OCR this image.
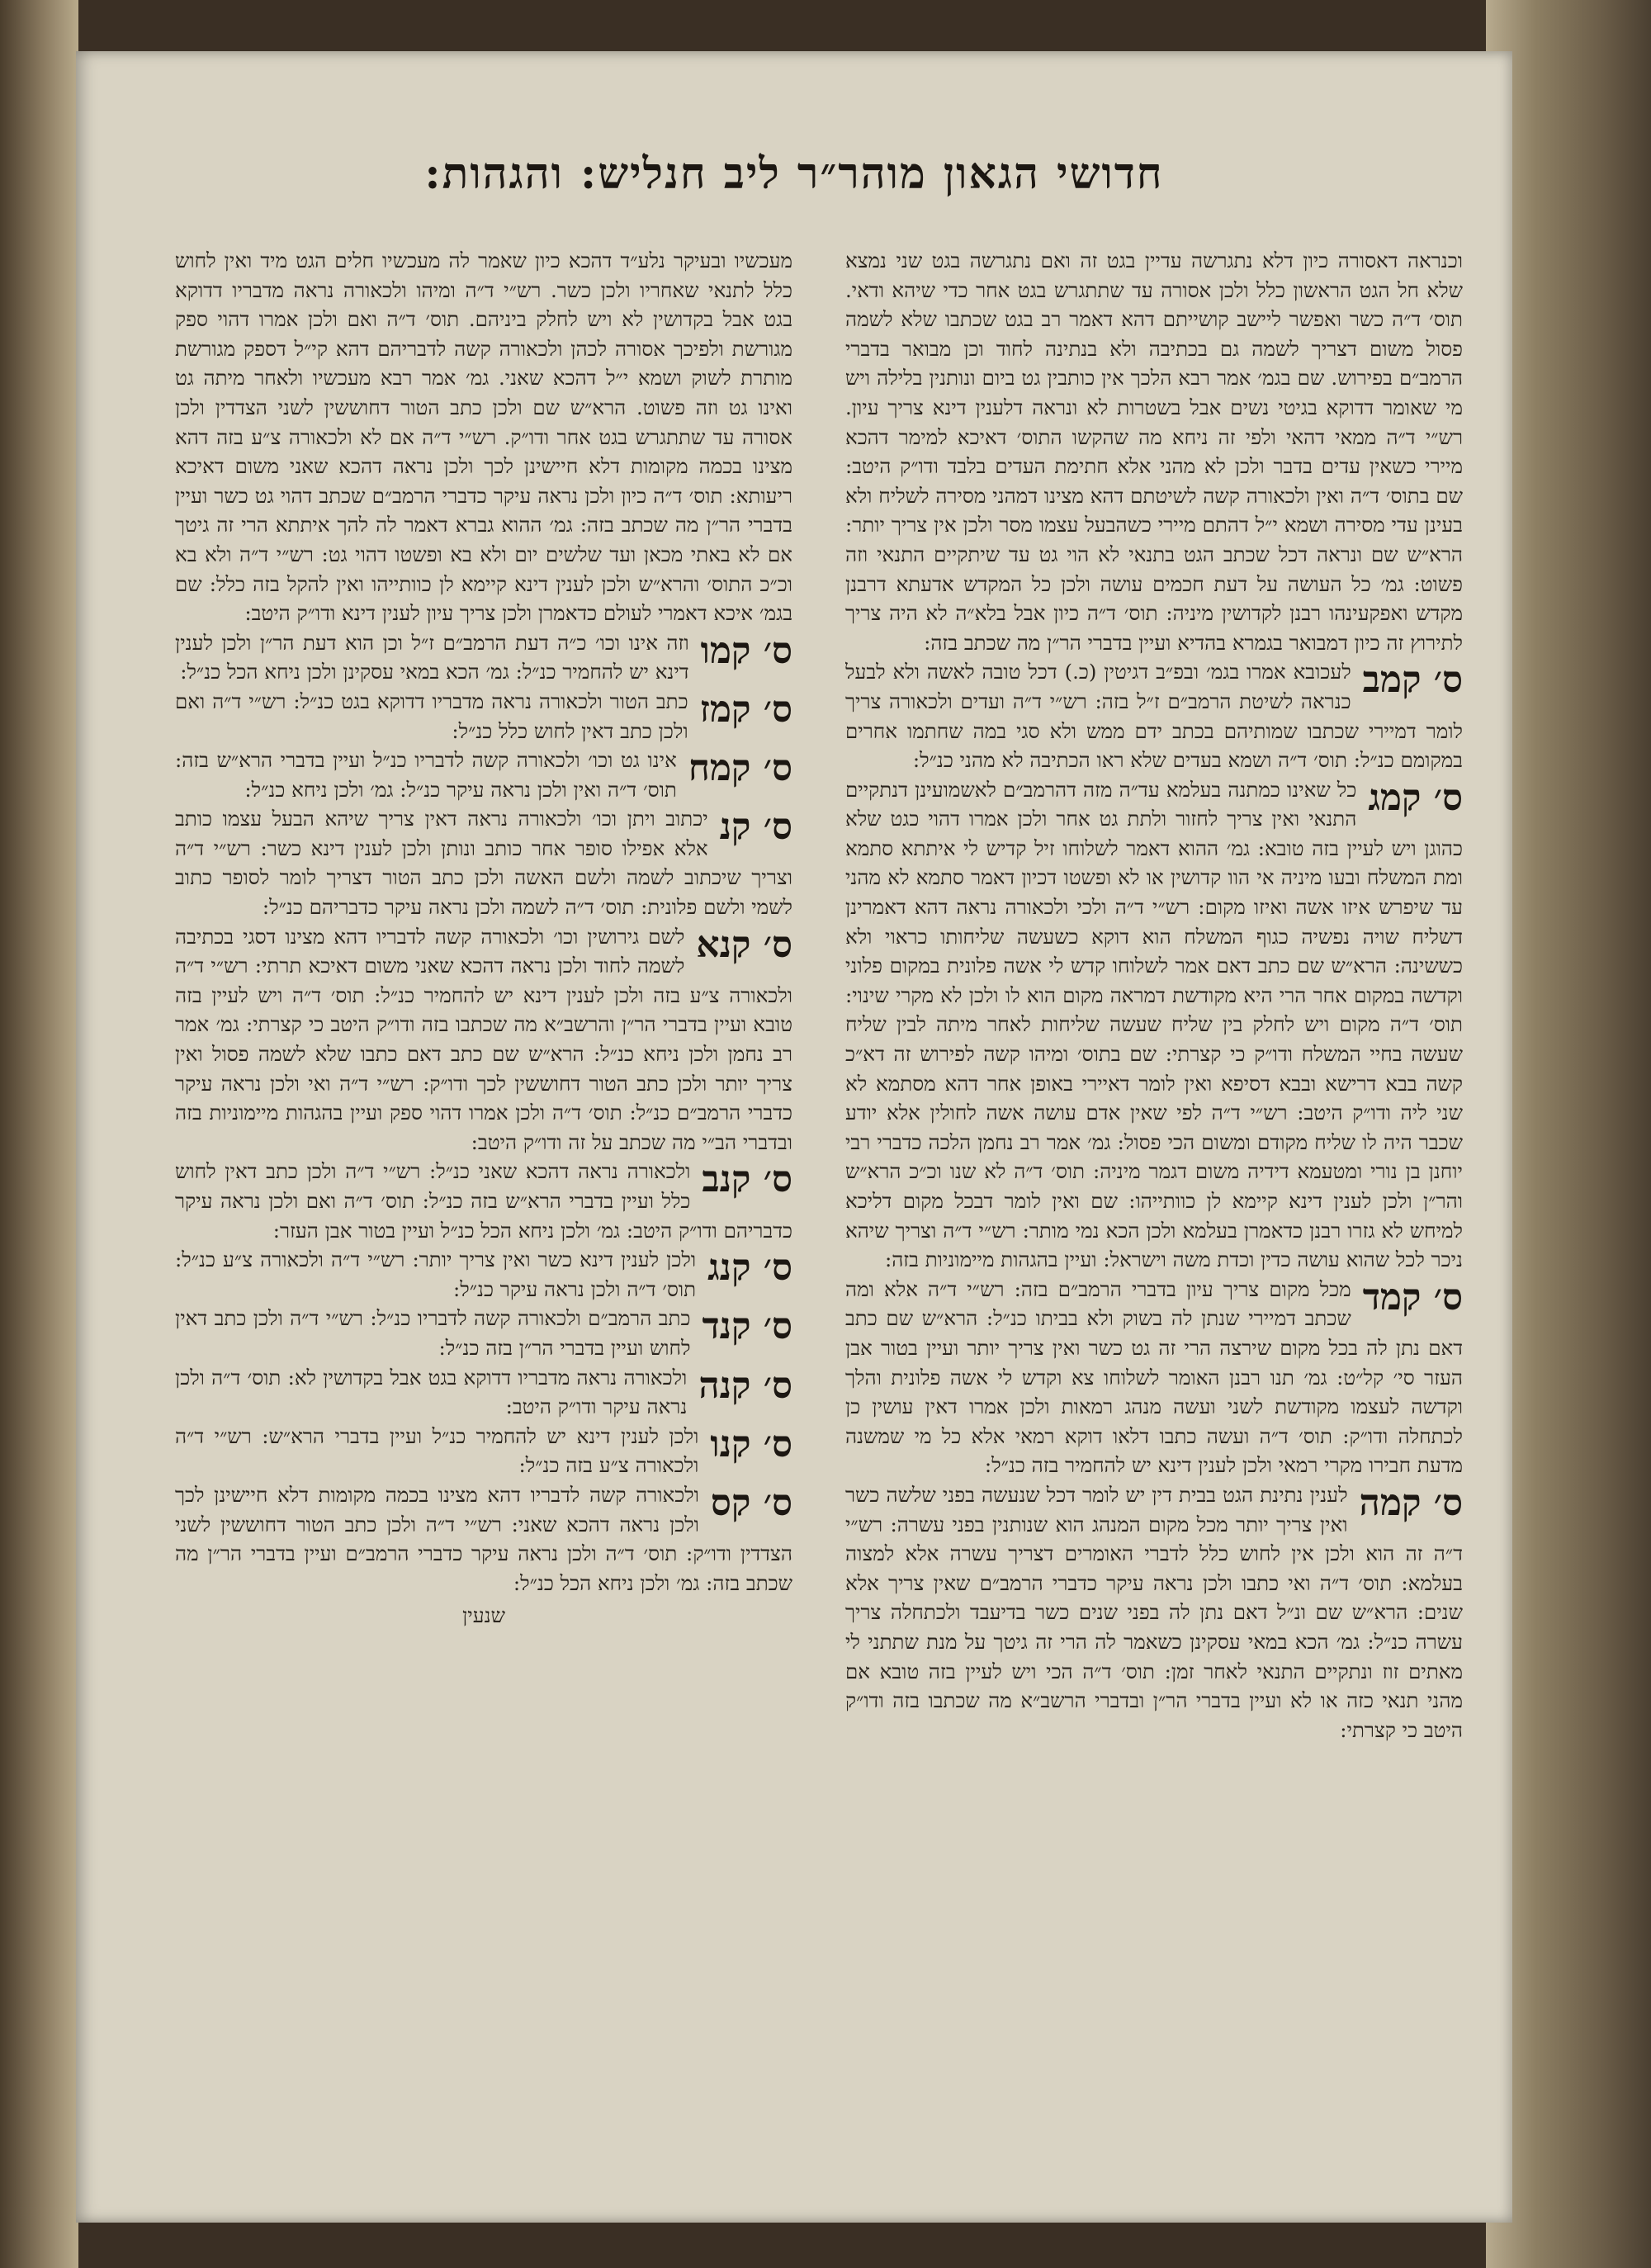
חדושי הגאון מוהר״ר ליב חנליש: והגהות:
וכנראה דאסורה כיון דלא נתגרשה עדיין בגט זה ואם נתגרשה בגט שני נמצא שלא חל הגט הראשון כלל ולכן אסורה עד שתתגרש בגט אחר כדי שיהא ודאי. תוס׳ ד״ה כשר ואפשר ליישב קושייתם דהא דאמר רב בגט שכתבו שלא לשמה פסול משום דצריך לשמה גם בכתיבה ולא בנתינה לחוד וכן מבואר בדברי הרמב״ם בפירוש. שם בגמ׳ אמר רבא הלכך אין כותבין גט ביום ונותנין בלילה ויש מי שאומר דדוקא בגיטי נשים אבל בשטרות לא ונראה דלענין דינא צריך עיון. רש״י ד״ה ממאי דהאי ולפי זה ניחא מה שהקשו התוס׳ דאיכא למימר דהכא מיירי כשאין עדים בדבר ולכן לא מהני אלא חתימת העדים בלבד ודו״ק היטב: שם בתוס׳ ד״ה ואין ולכאורה קשה לשיטתם דהא מצינו דמהני מסירה לשליח ולא בעינן עדי מסירה ושמא י״ל דהתם מיירי כשהבעל עצמו מסר ולכן אין צריך יותר: הרא״ש שם ונראה דכל שכתב הגט בתנאי לא הוי גט עד שיתקיים התנאי וזה פשוט: גמ׳ כל העושה על דעת חכמים עושה ולכן כל המקדש אדעתא דרבנן מקדש ואפקעינהו רבנן לקדושין מיניה: תוס׳ ד״ה כיון אבל בלא״ה לא היה צריך לתירוץ זה כיון דמבואר בגמרא בהדיא ועיין בדברי הר״ן מה שכתב בזה:
ס׳ קמב
לעכובא אמרו בגמ׳ ובפ״ב דגיטין (כ.) דכל טובה לאשה ולא לבעל כנראה לשיטת הרמב״ם ז״ל בזה: רש״י ד״ה ועדים ולכאורה צריך לומר דמיירי שכתבו שמותיהם בכתב ידם ממש ולא סגי במה שחתמו אחרים במקומם כנ״ל: תוס׳ ד״ה ושמא בעדים שלא ראו הכתיבה לא מהני כנ״ל:
ס׳ קמג
כל שאינו כמתנה בעלמא עד״ה מזה דהרמב״ם לאשמועינן דנתקיים התנאי ואין צריך לחזור ולתת גט אחר ולכן אמרו דהוי כגט שלא כהוגן ויש לעיין בזה טובא: גמ׳ ההוא דאמר לשלוחו זיל קדיש לי איתתא סתמא ומת המשלח ובעו מיניה אי הוו קדושין או לא ופשטו דכיון דאמר סתמא לא מהני עד שיפרש איזו אשה ואיזו מקום: רש״י ד״ה ולכי ולכאורה נראה דהא דאמרינן דשליח שויה נפשיה כגוף המשלח הוא דוקא כשעשה שליחותו כראוי ולא כששינה: הרא״ש שם כתב דאם אמר לשלוחו קדש לי אשה פלונית במקום פלוני וקדשה במקום אחר הרי היא מקודשת דמראה מקום הוא לו ולכן לא מקרי שינוי: תוס׳ ד״ה מקום ויש לחלק בין שליח שעשה שליחות לאחר מיתה לבין שליח שעשה בחיי המשלח ודו״ק כי קצרתי: שם בתוס׳ ומיהו קשה לפירוש זה דא״כ קשה בבא דרישא ובבא דסיפא ואין לומר דאיירי באופן אחר דהא מסתמא לא שני ליה ודו״ק היטב: רש״י ד״ה לפי שאין אדם עושה אשה לחולין אלא יודע שכבר היה לו שליח מקודם ומשום הכי פסול: גמ׳ אמר רב נחמן הלכה כדברי רבי יוחנן בן נורי ומטעמא דידיה משום דגמר מיניה: תוס׳ ד״ה לא שנו וכ״כ הרא״ש והר״ן ולכן לענין דינא קיימא לן כוותייהו: שם ואין לומר דבכל מקום דליכא למיחש לא גזרו רבנן כדאמרן בעלמא ולכן הכא נמי מותר: רש״י ד״ה וצריך שיהא ניכר לכל שהוא עושה כדין וכדת משה וישראל: ועיין בהגהות מיימוניות בזה:
ס׳ קמד
מכל מקום צריך עיון בדברי הרמב״ם בזה: רש״י ד״ה אלא ומה שכתב דמיירי שנתן לה בשוק ולא בביתו כנ״ל: הרא״ש שם כתב דאם נתן לה בכל מקום שירצה הרי זה גט כשר ואין צריך יותר ועיין בטור אבן העזר סי׳ קל״ט: גמ׳ תנו רבנן האומר לשלוחו צא וקדש לי אשה פלונית והלך וקדשה לעצמו מקודשת לשני ועשה מנהג רמאות ולכן אמרו דאין עושין כן לכתחלה ודו״ק: תוס׳ ד״ה ועשה כתבו דלאו דוקא רמאי אלא כל מי שמשנה מדעת חבירו מקרי רמאי ולכן לענין דינא יש להחמיר בזה כנ״ל:
ס׳ קמה
לענין נתינת הגט בבית דין יש לומר דכל שנעשה בפני שלשה כשר ואין צריך יותר מכל מקום המנהג הוא שנותנין בפני עשרה: רש״י ד״ה זה הוא ולכן אין לחוש כלל לדברי האומרים דצריך עשרה אלא למצוה בעלמא: תוס׳ ד״ה ואי כתבו ולכן נראה עיקר כדברי הרמב״ם שאין צריך אלא שנים: הרא״ש שם ונ״ל דאם נתן לה בפני שנים כשר בדיעבד ולכתחלה צריך עשרה כנ״ל: גמ׳ הכא במאי עסקינן כשאמר לה הרי זה גיטך על מנת שתתני לי מאתים זוז ונתקיים התנאי לאחר זמן: תוס׳ ד״ה הכי ויש לעיין בזה טובא אם מהני תנאי כזה או לא ועיין בדברי הר״ן ובדברי הרשב״א מה שכתבו בזה ודו״ק היטב כי קצרתי:
מעכשיו ובעיקר נלע״ד דהכא כיון שאמר לה מעכשיו חלים הגט מיד ואין לחוש כלל לתנאי שאחריו ולכן כשר. רש״י ד״ה ומיהו ולכאורה נראה מדבריו דדוקא בגט אבל בקדושין לא ויש לחלק ביניהם. תוס׳ ד״ה ואם ולכן אמרו דהוי ספק מגורשת ולפיכך אסורה לכהן ולכאורה קשה לדבריהם דהא קי״ל דספק מגורשת מותרת לשוק ושמא י״ל דהכא שאני. גמ׳ אמר רבא מעכשיו ולאחר מיתה גט ואינו גט וזה פשוט. הרא״ש שם ולכן כתב הטור דחוששין לשני הצדדין ולכן אסורה עד שתתגרש בגט אחר ודו״ק. רש״י ד״ה אם לא ולכאורה צ״ע בזה דהא מצינו בכמה מקומות דלא חיישינן לכך ולכן נראה דהכא שאני משום דאיכא ריעותא: תוס׳ ד״ה כיון ולכן נראה עיקר כדברי הרמב״ם שכתב דהוי גט כשר ועיין בדברי הר״ן מה שכתב בזה: גמ׳ ההוא גברא דאמר לה להך איתתא הרי זה גיטך אם לא באתי מכאן ועד שלשים יום ולא בא ופשטו דהוי גט: רש״י ד״ה ולא בא וכ״כ התוס׳ והרא״ש ולכן לענין דינא קיימא לן כוותייהו ואין להקל בזה כלל: שם בגמ׳ איכא דאמרי לעולם כדאמרן ולכן צריך עיון לענין דינא ודו״ק היטב:
ס׳ קמו
וזה אינו וכו׳ כ״ה דעת הרמב״ם ז״ל וכן הוא דעת הר״ן ולכן לענין דינא יש להחמיר כנ״ל: גמ׳ הכא במאי עסקינן ולכן ניחא הכל כנ״ל:
ס׳ קמז
כתב הטור ולכאורה נראה מדבריו דדוקא בגט כנ״ל: רש״י ד״ה ואם ולכן כתב דאין לחוש כלל כנ״ל:
ס׳ קמח
אינו גט וכו׳ ולכאורה קשה לדבריו כנ״ל ועיין בדברי הרא״ש בזה: תוס׳ ד״ה ואין ולכן נראה עיקר כנ״ל: גמ׳ ולכן ניחא כנ״ל:
ס׳ קנ
יכתוב ויתן וכו׳ ולכאורה נראה דאין צריך שיהא הבעל עצמו כותב אלא אפילו סופר אחר כותב ונותן ולכן לענין דינא כשר: רש״י ד״ה וצריך שיכתוב לשמה ולשם האשה ולכן כתב הטור דצריך לומר לסופר כתוב לשמי ולשם פלונית: תוס׳ ד״ה לשמה ולכן נראה עיקר כדבריהם כנ״ל:
ס׳ קנא
לשם גירושין וכו׳ ולכאורה קשה לדבריו דהא מצינו דסגי בכתיבה לשמה לחוד ולכן נראה דהכא שאני משום דאיכא תרתי: רש״י ד״ה ולכאורה צ״ע בזה ולכן לענין דינא יש להחמיר כנ״ל: תוס׳ ד״ה ויש לעיין בזה טובא ועיין בדברי הר״ן והרשב״א מה שכתבו בזה ודו״ק היטב כי קצרתי: גמ׳ אמר רב נחמן ולכן ניחא כנ״ל: הרא״ש שם כתב דאם כתבו שלא לשמה פסול ואין צריך יותר ולכן כתב הטור דחוששין לכך ודו״ק: רש״י ד״ה ואי ולכן נראה עיקר כדברי הרמב״ם כנ״ל: תוס׳ ד״ה ולכן אמרו דהוי ספק ועיין בהגהות מיימוניות בזה ובדברי הב״י מה שכתב על זה ודו״ק היטב:
ס׳ קנב
ולכאורה נראה דהכא שאני כנ״ל: רש״י ד״ה ולכן כתב דאין לחוש כלל ועיין בדברי הרא״ש בזה כנ״ל: תוס׳ ד״ה ואם ולכן נראה עיקר כדבריהם ודו״ק היטב: גמ׳ ולכן ניחא הכל כנ״ל ועיין בטור אבן העזר:
ס׳ קנג
ולכן לענין דינא כשר ואין צריך יותר: רש״י ד״ה ולכאורה צ״ע כנ״ל: תוס׳ ד״ה ולכן נראה עיקר כנ״ל:
ס׳ קנד
כתב הרמב״ם ולכאורה קשה לדבריו כנ״ל: רש״י ד״ה ולכן כתב דאין לחוש ועיין בדברי הר״ן בזה כנ״ל:
ס׳ קנה
ולכאורה נראה מדבריו דדוקא בגט אבל בקדושין לא: תוס׳ ד״ה ולכן נראה עיקר ודו״ק היטב:
ס׳ קנו
ולכן לענין דינא יש להחמיר כנ״ל ועיין בדברי הרא״ש: רש״י ד״ה ולכאורה צ״ע בזה כנ״ל:
ס׳ קס
ולכאורה קשה לדבריו דהא מצינו בכמה מקומות דלא חיישינן לכך ולכן נראה דהכא שאני: רש״י ד״ה ולכן כתב הטור דחוששין לשני הצדדין ודו״ק: תוס׳ ד״ה ולכן נראה עיקר כדברי הרמב״ם ועיין בדברי הר״ן מה שכתב בזה: גמ׳ ולכן ניחא הכל כנ״ל:
שנעין
